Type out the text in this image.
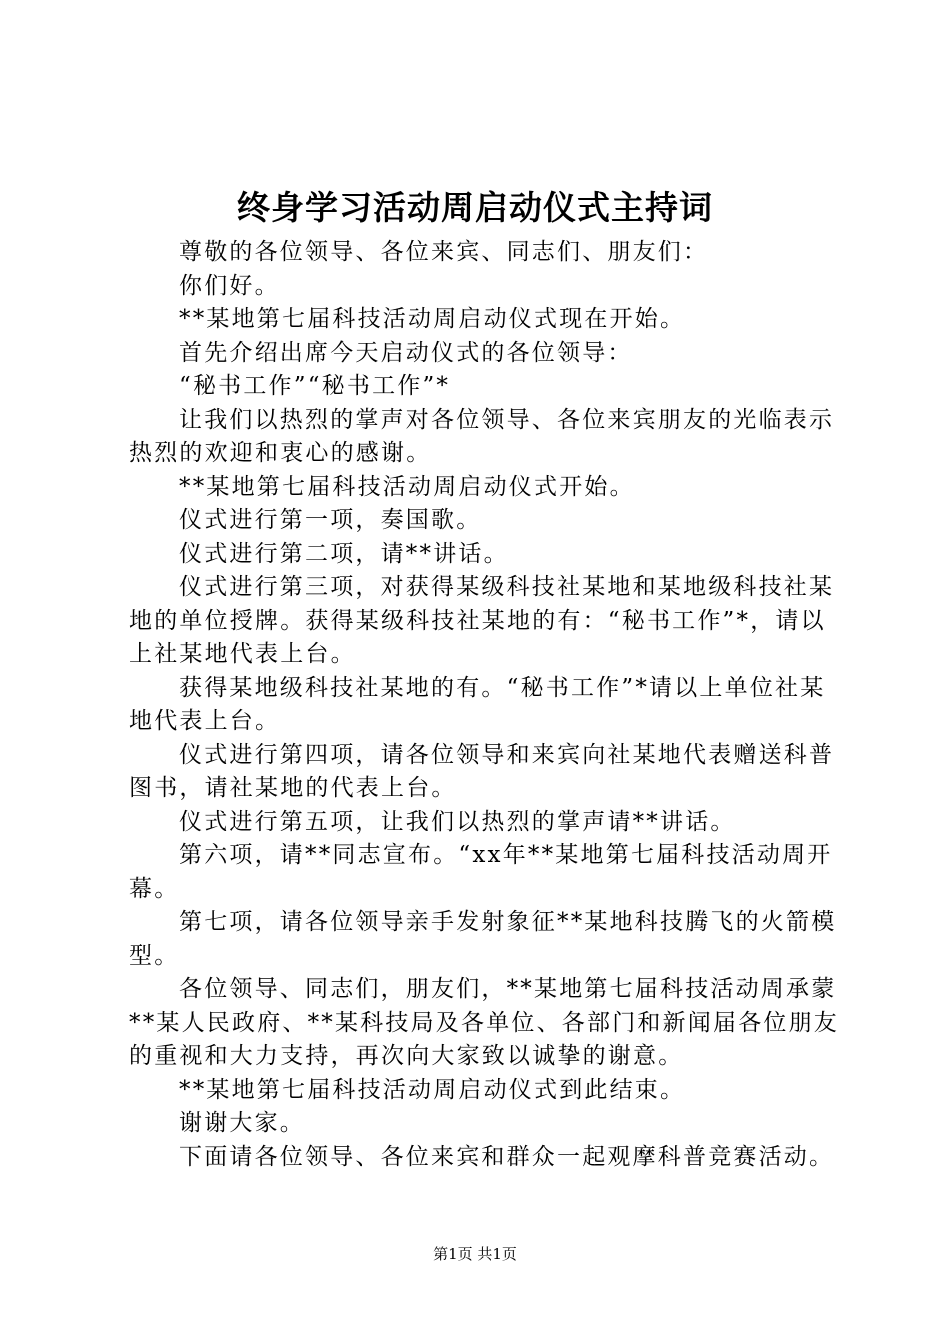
终身学习活动周启动仪式主持词

尊敬的各位领导、各位来宾、同志们、朋友们：

你们好。

**某地第七届科技活动周启动仪式现在开始。

首先介绍出席今天启动仪式的各位领导：

“秘书工作”“秘书工作”*

让我们以热烈的掌声对各位领导、各位来宾朋友的光临表示热烈的欢迎和衷心的感谢。

**某地第七届科技活动周启动仪式开始。

仪式进行第一项，奏国歌。

仪式进行第二项，请**讲话。

仪式进行第三项，对获得某级科技社某地和某地级科技社某地的单位授牌。获得某级科技社某地的有：“秘书工作”*，请以上社某地代表上台。

获得某地级科技社某地的有。“秘书工作”*请以上单位社某地代表上台。

仪式进行第四项，请各位领导和来宾向社某地代表赠送科普图书，请社某地的代表上台。

仪式进行第五项，让我们以热烈的掌声请**讲话。

第六项，请**同志宣布。“xx年**某地第七届科技活动周开幕。

第七项，请各位领导亲手发射象征**某地科技腾飞的火箭模型。

各位领导、同志们，朋友们，**某地第七届科技活动周承蒙**某人民政府、**某科技局及各单位、各部门和新闻届各位朋友的重视和大力支持，再次向大家致以诚挚的谢意。

**某地第七届科技活动周启动仪式到此结束。

谢谢大家。

下面请各位领导、各位来宾和群众一起观摩科普竞赛活动。

第1页 共1页
